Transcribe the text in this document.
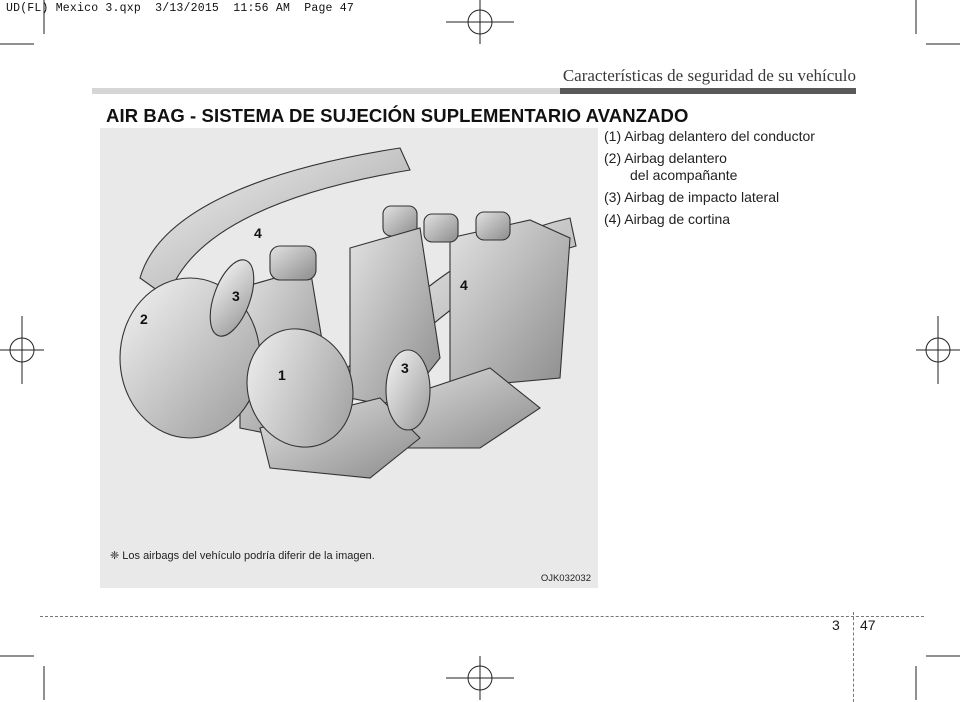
UD(FL) Mexico 3.qxp  3/13/2015  11:56 AM  Page 47
Características de seguridad de su vehículo
AIR BAG - SISTEMA DE SUJECIÓN SUPLEMENTARIO AVANZADO
4
3
2
1	3
4
❈ Los airbags del vehículo podría diferir de la imagen.
OJK032032
(1) Airbag delantero del conductor
(2) Airbag delantero
del acompañante
(3) Airbag de impacto lateral
(4) Airbag de cortina
3 47
